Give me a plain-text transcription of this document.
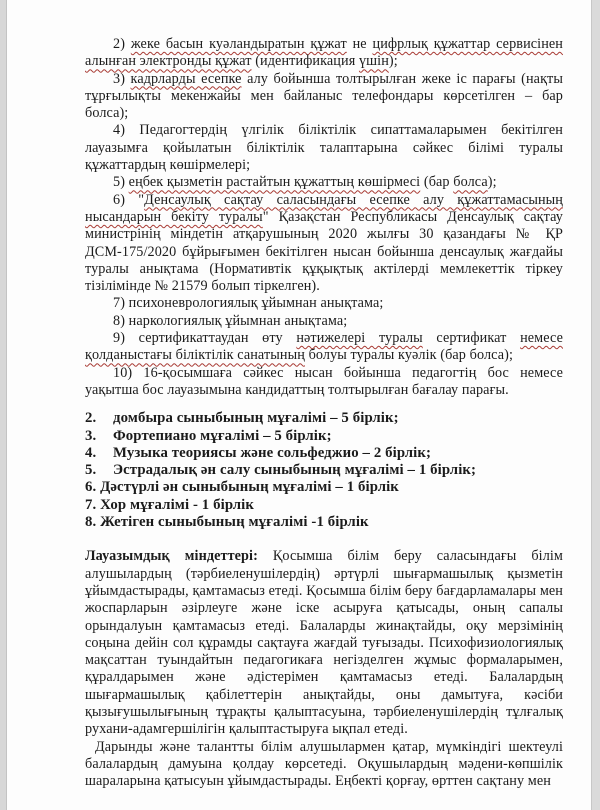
2) жеке басын куәландыратын құжат не цифрлық құжаттар сервисінен алынған электронды құжат (идентификация үшін);

3) кадрларды есепке алу бойынша толтырылған жеке іс парағы (нақты тұрғылықты мекенжайы мен байланыс телефондары көрсетілген – бар болса);

4) Педагогтердің үлгілік біліктілік сипаттамаларымен бекітілген лауазымға қойылатын біліктілік талаптарына сәйкес білімі туралы құжаттардың көшірмелері;

5) еңбек қызметін растайтын құжаттың көшірмесі (бар болса);

6) "Денсаулық сақтау саласындағы есепке алу құжаттамасының нысандарын бекіту туралы" Қазақстан Республикасы Денсаулық сақтау министрінің міндетін атқарушының 2020 жылғы 30 қазандағы № ҚР ДСМ-175/2020 бұйрығымен бекітілген нысан бойынша денсаулық жағдайы туралы анықтама (Нормативтік құқықтық актілерді мемлекеттік тіркеу тізілімінде № 21579 болып тіркелген).

7) психоневрологиялық ұйымнан анықтама;

8) наркологиялық ұйымнан анықтама;

9) сертификаттаудан өту нәтижелері туралы сертификат немесе қолданыстағы біліктілік санатының болуы туралы куәлік (бар болса);

10) 16-қосымшаға сәйкес нысан бойынша педагогтің бос немесе уақытша бос лауазымына кандидаттың толтырылған бағалау парағы.

2. домбыра сыныбының мұғалімі – 5 бірлік;

3. Фортепиано мұғалімі – 5 бірлік;

4. Музыка теориясы және сольфеджио – 2 бірлік;

5. Эстрадалық ән салу сыныбының мұғалімі – 1 бірлік;

6. Дәстүрлі ән сыныбының мұғалімі – 1 бірлік

7. Хор мұғалімі - 1 бірлік

8. Жетіген сыныбының мұғалімі -1 бірлік

Лауазымдық міндеттері: Қосымша білім беру саласындағы білім алушылардың (тәрбиеленушілердің) әртүрлі шығармашылық қызметін ұйымдастырады, қамтамасыз етеді. Қосымша білім беру бағдарламалары мен жоспарларын әзірлеуге және іске асыруға қатысады, оның сапалы орындалуын қамтамасыз етеді. Балаларды жинақтайды, оқу мерзімінің соңына дейін сол құрамды сақтауға жағдай туғызады. Психофизиологиялық мақсаттан туындайтын педагогикаға негізделген жұмыс формаларымен, құралдарымен және әдістерімен қамтамасыз етеді. Балалардың шығармашылық қабілеттерін анықтайды, оны дамытуға, кәсіби қызығушылығының тұрақты қалыптасуына, тәрбиеленушілердің тұлғалық рухани-адамгершілігін қалыптастыруға ықпал етеді.

Дарынды және талантты білім алушылармен қатар, мүмкіндігі шектеулі балалардың дамуына қолдау көрсетеді. Оқушылардың мәдени-көпшілік шараларына қатысуын ұйымдастырады. Еңбекті қорғау, өрттен сақтану мен
